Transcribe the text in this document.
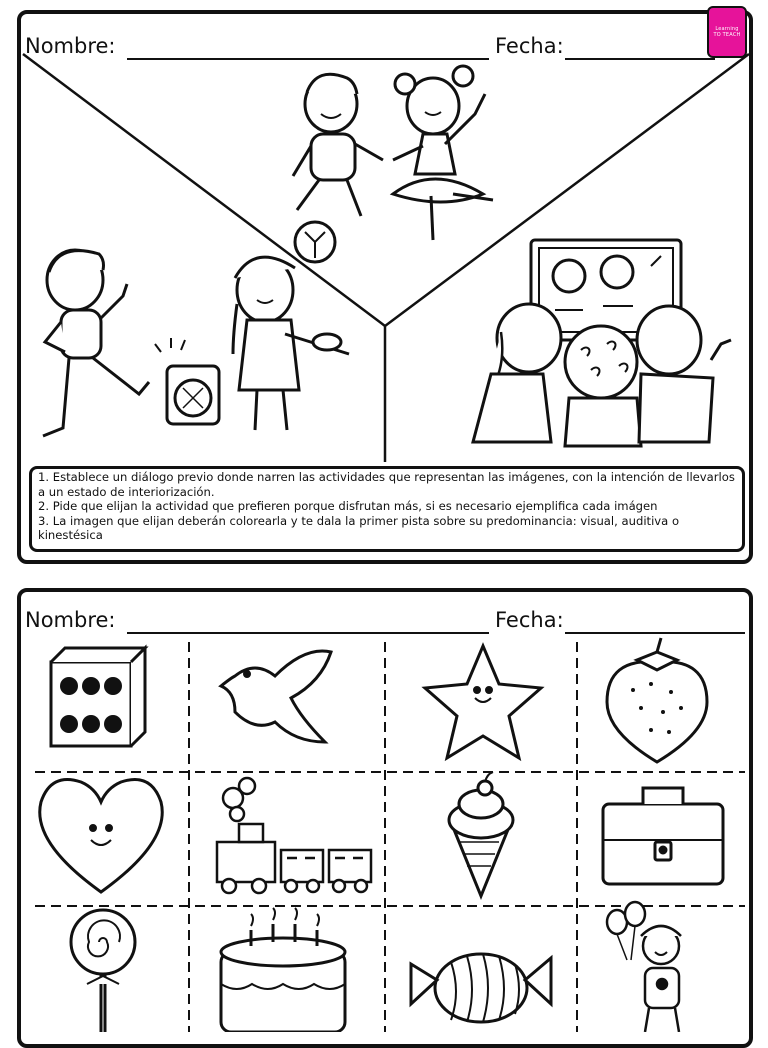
Nombre:	Fecha:
Learning
TO TEACH

1. Establece un diálogo previo donde narren las actividades que representan las imágenes, con la intención de llevarlos a un estado de interiorización.

2. Pide que elijan la actividad que prefieren porque disfrutan más, si es necesario ejemplifica cada imágen

3. La imagen que elijan deberán colorearla y te dala la primer pista sobre su predominancia: visual, auditiva o kinestésica

Nombre:	Fecha:
